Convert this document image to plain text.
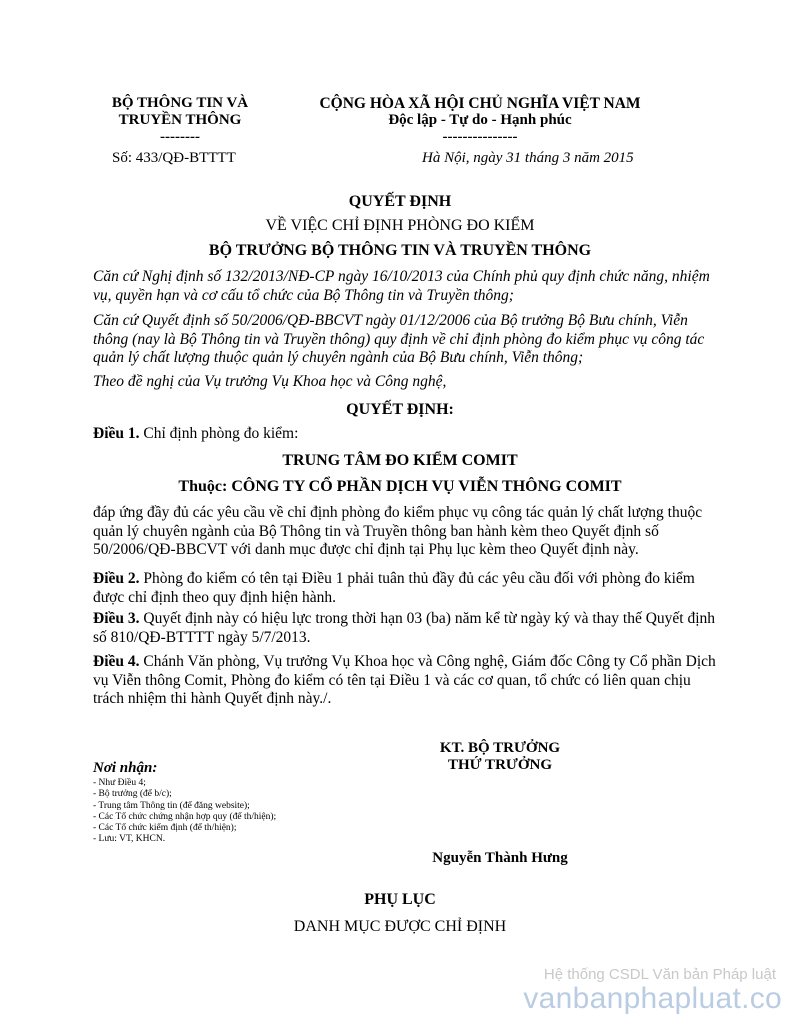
BỘ THÔNG TIN VÀ
TRUYỀN THÔNG
--------
Số: 433/QĐ-BTTTT
CỘNG HÒA XÃ HỘI CHỦ NGHĨA VIỆT NAM
Độc lập - Tự do - Hạnh phúc
---------------
Hà Nội, ngày 31 tháng 3 năm 2015
QUYẾT ĐỊNH
VỀ VIỆC CHỈ ĐỊNH PHÒNG ĐO KIỂM
BỘ TRƯỞNG BỘ THÔNG TIN VÀ TRUYỀN THÔNG
Căn cứ Nghị định số 132/2013/NĐ-CP ngày 16/10/2013 của Chính phủ quy định chức năng, nhiệm vụ, quyền hạn và cơ cấu tổ chức của Bộ Thông tin và Truyền thông;
Căn cứ Quyết định số 50/2006/QĐ-BBCVT ngày 01/12/2006 của Bộ trưởng Bộ Bưu chính, Viễn thông (nay là Bộ Thông tin và Truyền thông) quy định về chỉ định phòng đo kiểm phục vụ công tác quản lý chất lượng thuộc quản lý chuyên ngành của Bộ Bưu chính, Viễn thông;
Theo đề nghị của Vụ trưởng Vụ Khoa học và Công nghệ,
QUYẾT ĐỊNH:
Điều 1. Chỉ định phòng đo kiểm:
TRUNG TÂM ĐO KIỂM COMIT
Thuộc: CÔNG TY CỔ PHẦN DỊCH VỤ VIỄN THÔNG COMIT
đáp ứng đầy đủ các yêu cầu về chỉ định phòng đo kiểm phục vụ công tác quản lý chất lượng thuộc quản lý chuyên ngành của Bộ Thông tin và Truyền thông ban hành kèm theo Quyết định số 50/2006/QĐ-BBCVT với danh mục được chỉ định tại Phụ lục kèm theo Quyết định này.
Điều 2. Phòng đo kiểm có tên tại Điều 1 phải tuân thủ đầy đủ các yêu cầu đối với phòng đo kiểm được chỉ định theo quy định hiện hành.
Điều 3. Quyết định này có hiệu lực trong thời hạn 03 (ba) năm kể từ ngày ký và thay thế Quyết định số 810/QĐ-BTTTT ngày 5/7/2013.
Điều 4. Chánh Văn phòng, Vụ trưởng Vụ Khoa học và Công nghệ, Giám đốc Công ty Cổ phần Dịch vụ Viễn thông Comit, Phòng đo kiểm có tên tại Điều 1 và các cơ quan, tổ chức có liên quan chịu trách nhiệm thi hành Quyết định này./.
KT. BỘ TRƯỞNG
THỨ TRƯỞNG
Nơi nhận:
- Như Điều 4;
- Bộ trưởng (để b/c);
- Trung tâm Thông tin (để đăng website);
- Các Tổ chức chứng nhận hợp quy (để th/hiện);
- Các Tổ chức kiểm định (để th/hiện);
- Lưu: VT, KHCN.
Nguyễn Thành Hưng
PHỤ LỤC
DANH MỤC ĐƯỢC CHỈ ĐỊNH
Hệ thống CSDL Văn bản Pháp luật
vanbanphapluat.co
